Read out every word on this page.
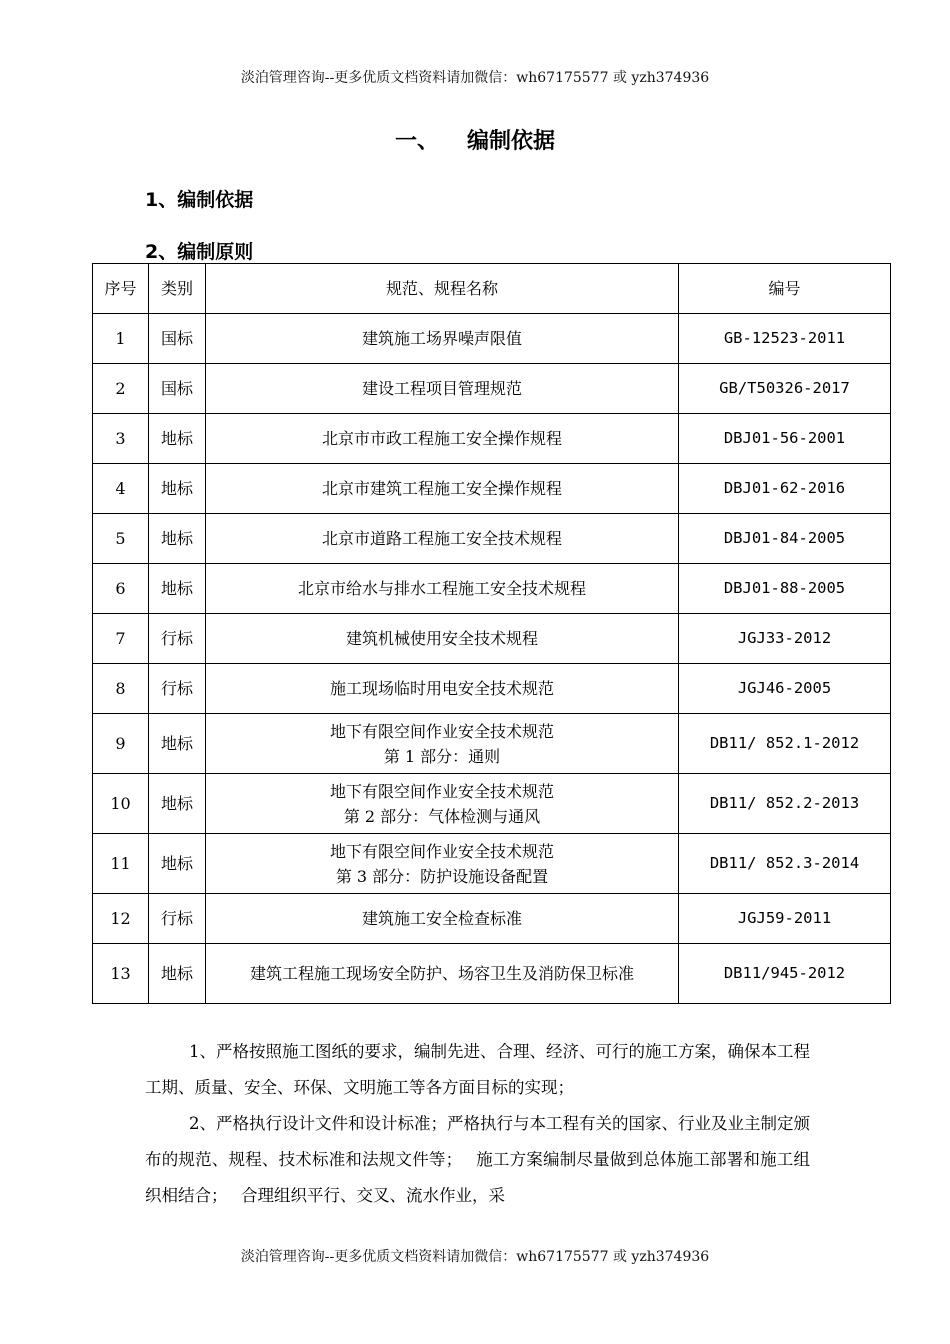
淡泊管理咨询--更多优质文档资料请加微信：wh67175577 或 yzh374936
一、 编制依据
1、编制依据
2、编制原则
序号	类别	规范、规程名称	编号
1	国标	建筑施工场界噪声限值	GB-12523-2011
2	国标	建设工程项目管理规范	GB/T50326-2017
3	地标	北京市市政工程施工安全操作规程	DBJ01-56-2001
4	地标	北京市建筑工程施工安全操作规程	DBJ01-62-2016
5	地标	北京市道路工程施工安全技术规程	DBJ01-84-2005
6	地标	北京市给水与排水工程施工安全技术规程	DBJ01-88-2005
7	行标	建筑机械使用安全技术规程	JGJ33-2012
8	行标	施工现场临时用电安全技术规范	JGJ46-2005
9	地标	地下有限空间作业安全技术规范
第 1 部分：通则	DB11/ 852.1-2012
10	地标	地下有限空间作业安全技术规范
第 2 部分：气体检测与通风	DB11/ 852.2-2013
11	地标	地下有限空间作业安全技术规范
第 3 部分：防护设施设备配置	DB11/ 852.3-2014
12	行标	建筑施工安全检查标准	JGJ59-2011
13	地标	建筑工程施工现场安全防护、场容卫生及消防保卫标准	DB11/945-2012

1、严格按照施工图纸的要求，编制先进、合理、经济、可行的施工方案，确保本工程工期、质量、安全、环保、文明施工等各方面目标的实现；

2、严格执行设计文件和设计标准；严格执行与本工程有关的国家、行业及业主制定颁布的规范、规程、技术标准和法规文件等；　 施工方案编制尽量做到总体施工部署和施工组织相结合；　 合理组织平行、交叉、流水作业，采

淡泊管理咨询--更多优质文档资料请加微信：wh67175577 或 yzh374936
